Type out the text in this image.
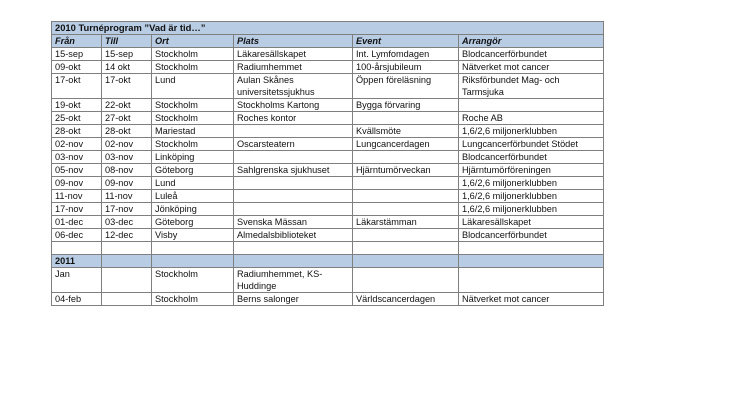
2010 Turnéprogram ”Vad är tid…”					
Från	Till	Ort	Plats	Event	Arrangör
15-sep	15-sep	Stockholm	Läkaresällskapet	Int. Lymfomdagen	Blodcancerförbundet
09-okt	14 okt	Stockholm	Radiumhemmet	100-årsjubileum	Nätverket mot cancer
17-okt	17-okt	Lund	Aulan Skånes universitetssjukhus	Öppen föreläsning	Riksförbundet Mag- och Tarmsjuka
19-okt	22-okt	Stockholm	Stockholms Kartong	Bygga förvaring	
25-okt	27-okt	Stockholm	Roches kontor		Roche AB
28-okt	28-okt	Mariestad		Kvällsmöte	1,6/2,6 miljonerklubben
02-nov	02-nov	Stockholm	Oscarsteatern	Lungcancerdagen	Lungcancerförbundet Stödet
03-nov	03-nov	Linköping			Blodcancerförbundet
05-nov	08-nov	Göteborg	Sahlgrenska sjukhuset	Hjärntumörveckan	Hjärntumörföreningen
09-nov	09-nov	Lund			1,6/2,6 miljonerklubben
11-nov	11-nov	Luleå			1,6/2,6 miljonerklubben
17-nov	17-nov	Jönköping			1,6/2,6 miljonerklubben
01-dec	03-dec	Göteborg	Svenska Mässan	Läkarstämman	Läkaresällskapet
06-dec	12-dec	Visby	Almedalsbiblioteket		Blodcancerförbundet

2011					
Jan		Stockholm	Radiumhemmet, KS-Huddinge		
04-feb		Stockholm	Berns salonger	Världscancerdagen	Nätverket mot cancer
